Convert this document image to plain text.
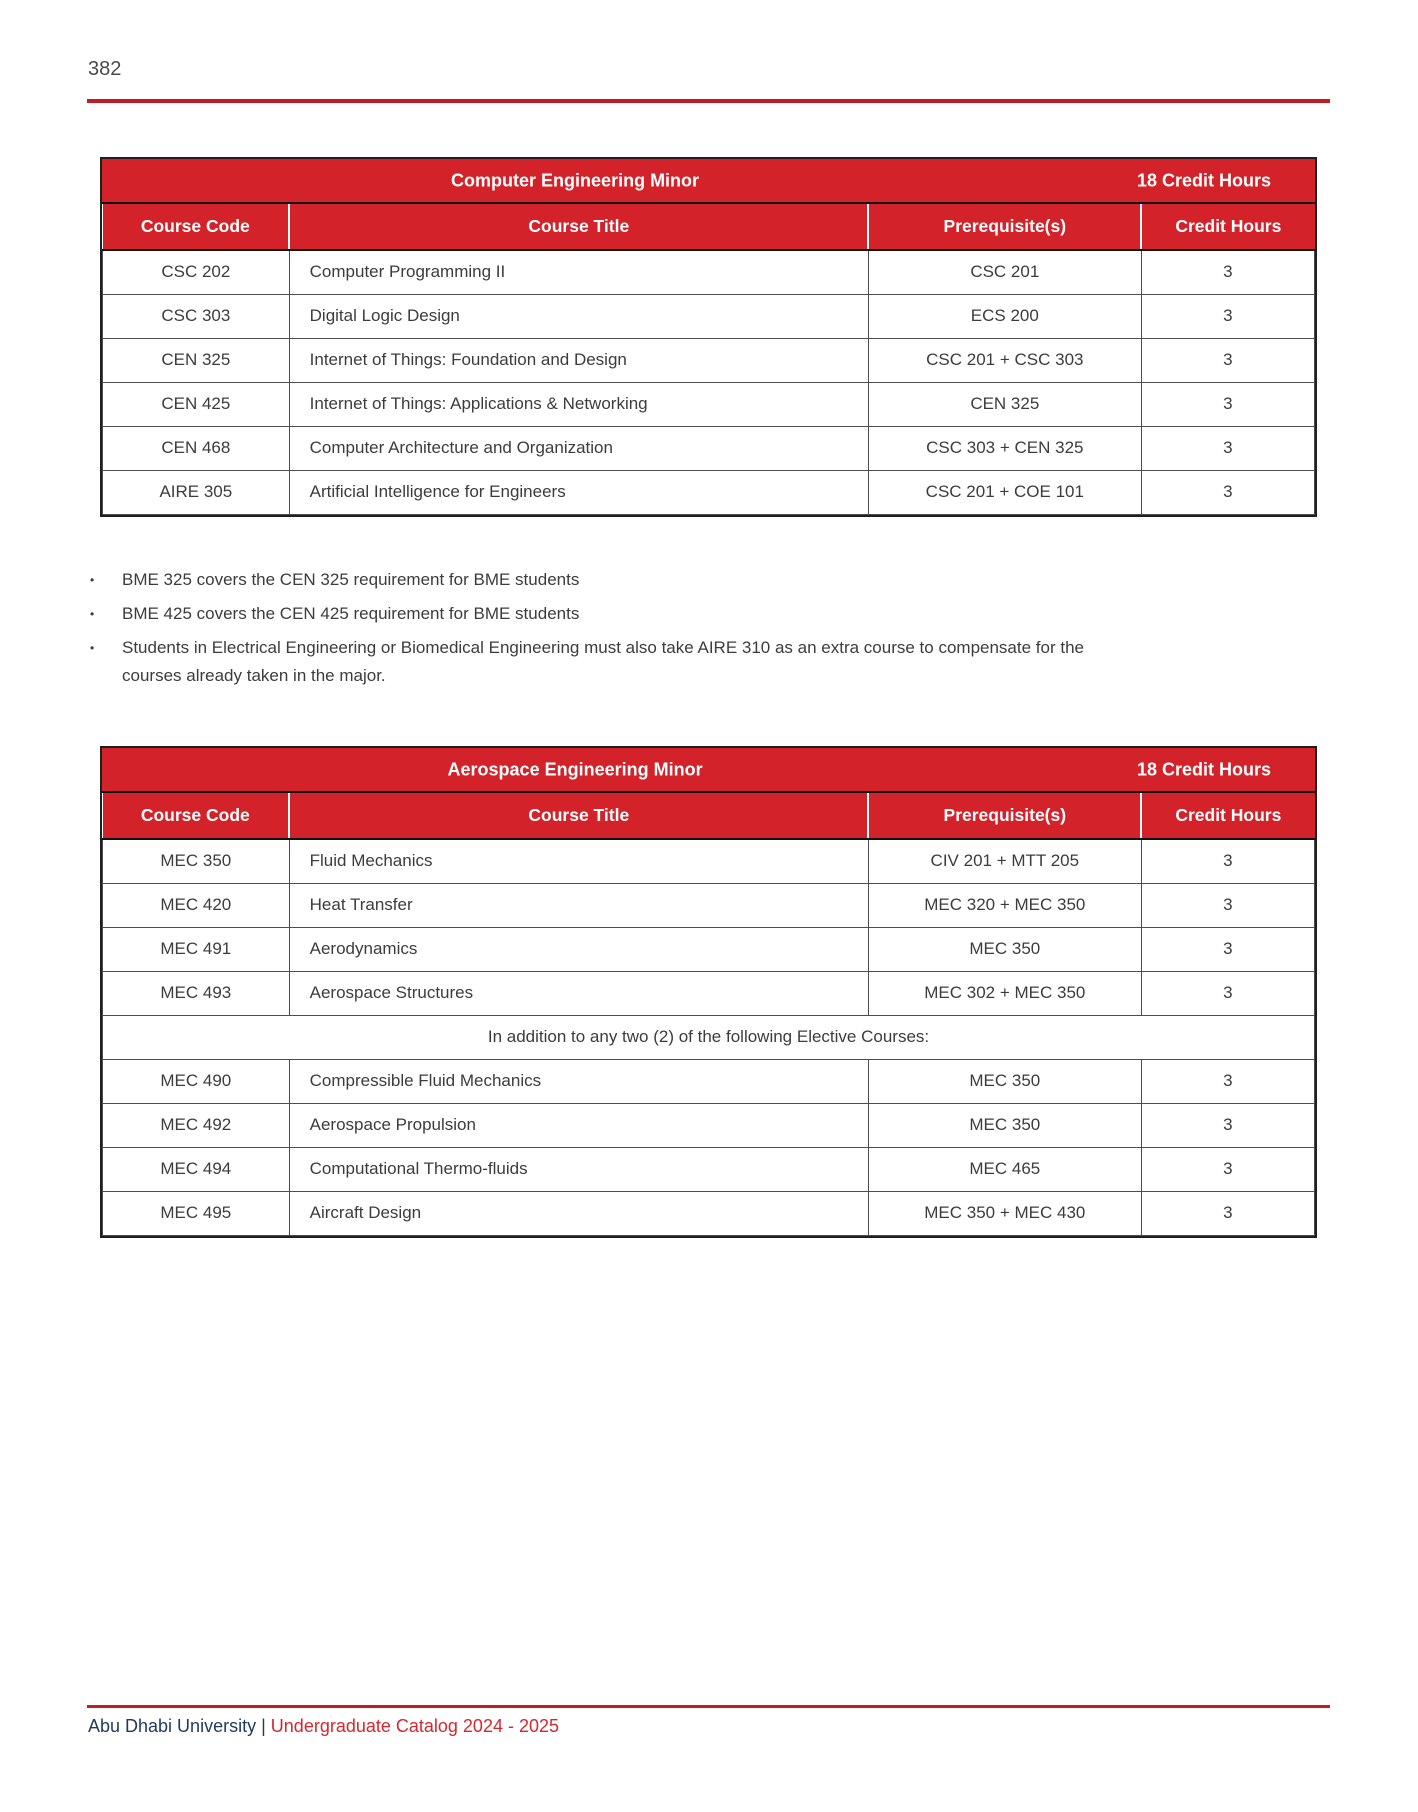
382
Computer Engineering Minor	18 Credit Hours
Course Code	Course Title	Prerequisite(s)	Credit Hours
CSC 202	Computer Programming II	CSC 201	3
CSC 303	Digital Logic Design	ECS 200	3
CEN 325	Internet of Things: Foundation and Design	CSC 201 + CSC 303	3
CEN 425	Internet of Things: Applications & Networking	CEN 325	3
CEN 468	Computer Architecture and Organization	CSC 303 + CEN 325	3
AIRE 305	Artificial Intelligence for Engineers	CSC 201 + COE 101	3
•	BME 325 covers the CEN 325 requirement for BME students
•	BME 425 covers the CEN 425 requirement for BME students
•	Students in Electrical Engineering or Biomedical Engineering must also take AIRE 310 as an extra course to compensate for the courses already taken in the major.
Aerospace Engineering Minor	18 Credit Hours
Course Code	Course Title	Prerequisite(s)	Credit Hours
MEC 350	Fluid Mechanics	CIV 201 + MTT 205	3
MEC 420	Heat Transfer	MEC 320 + MEC 350	3
MEC 491	Aerodynamics	MEC 350	3
MEC 493	Aerospace Structures	MEC 302 + MEC 350	3
In addition to any two (2) of the following Elective Courses:			
MEC 490	Compressible Fluid Mechanics	MEC 350	3
MEC 492	Aerospace Propulsion	MEC 350	3
MEC 494	Computational Thermo-fluids	MEC 465	3
MEC 495	Aircraft Design	MEC 350 + MEC 430	3
Abu Dhabi University | Undergraduate Catalog 2024 - 2025
